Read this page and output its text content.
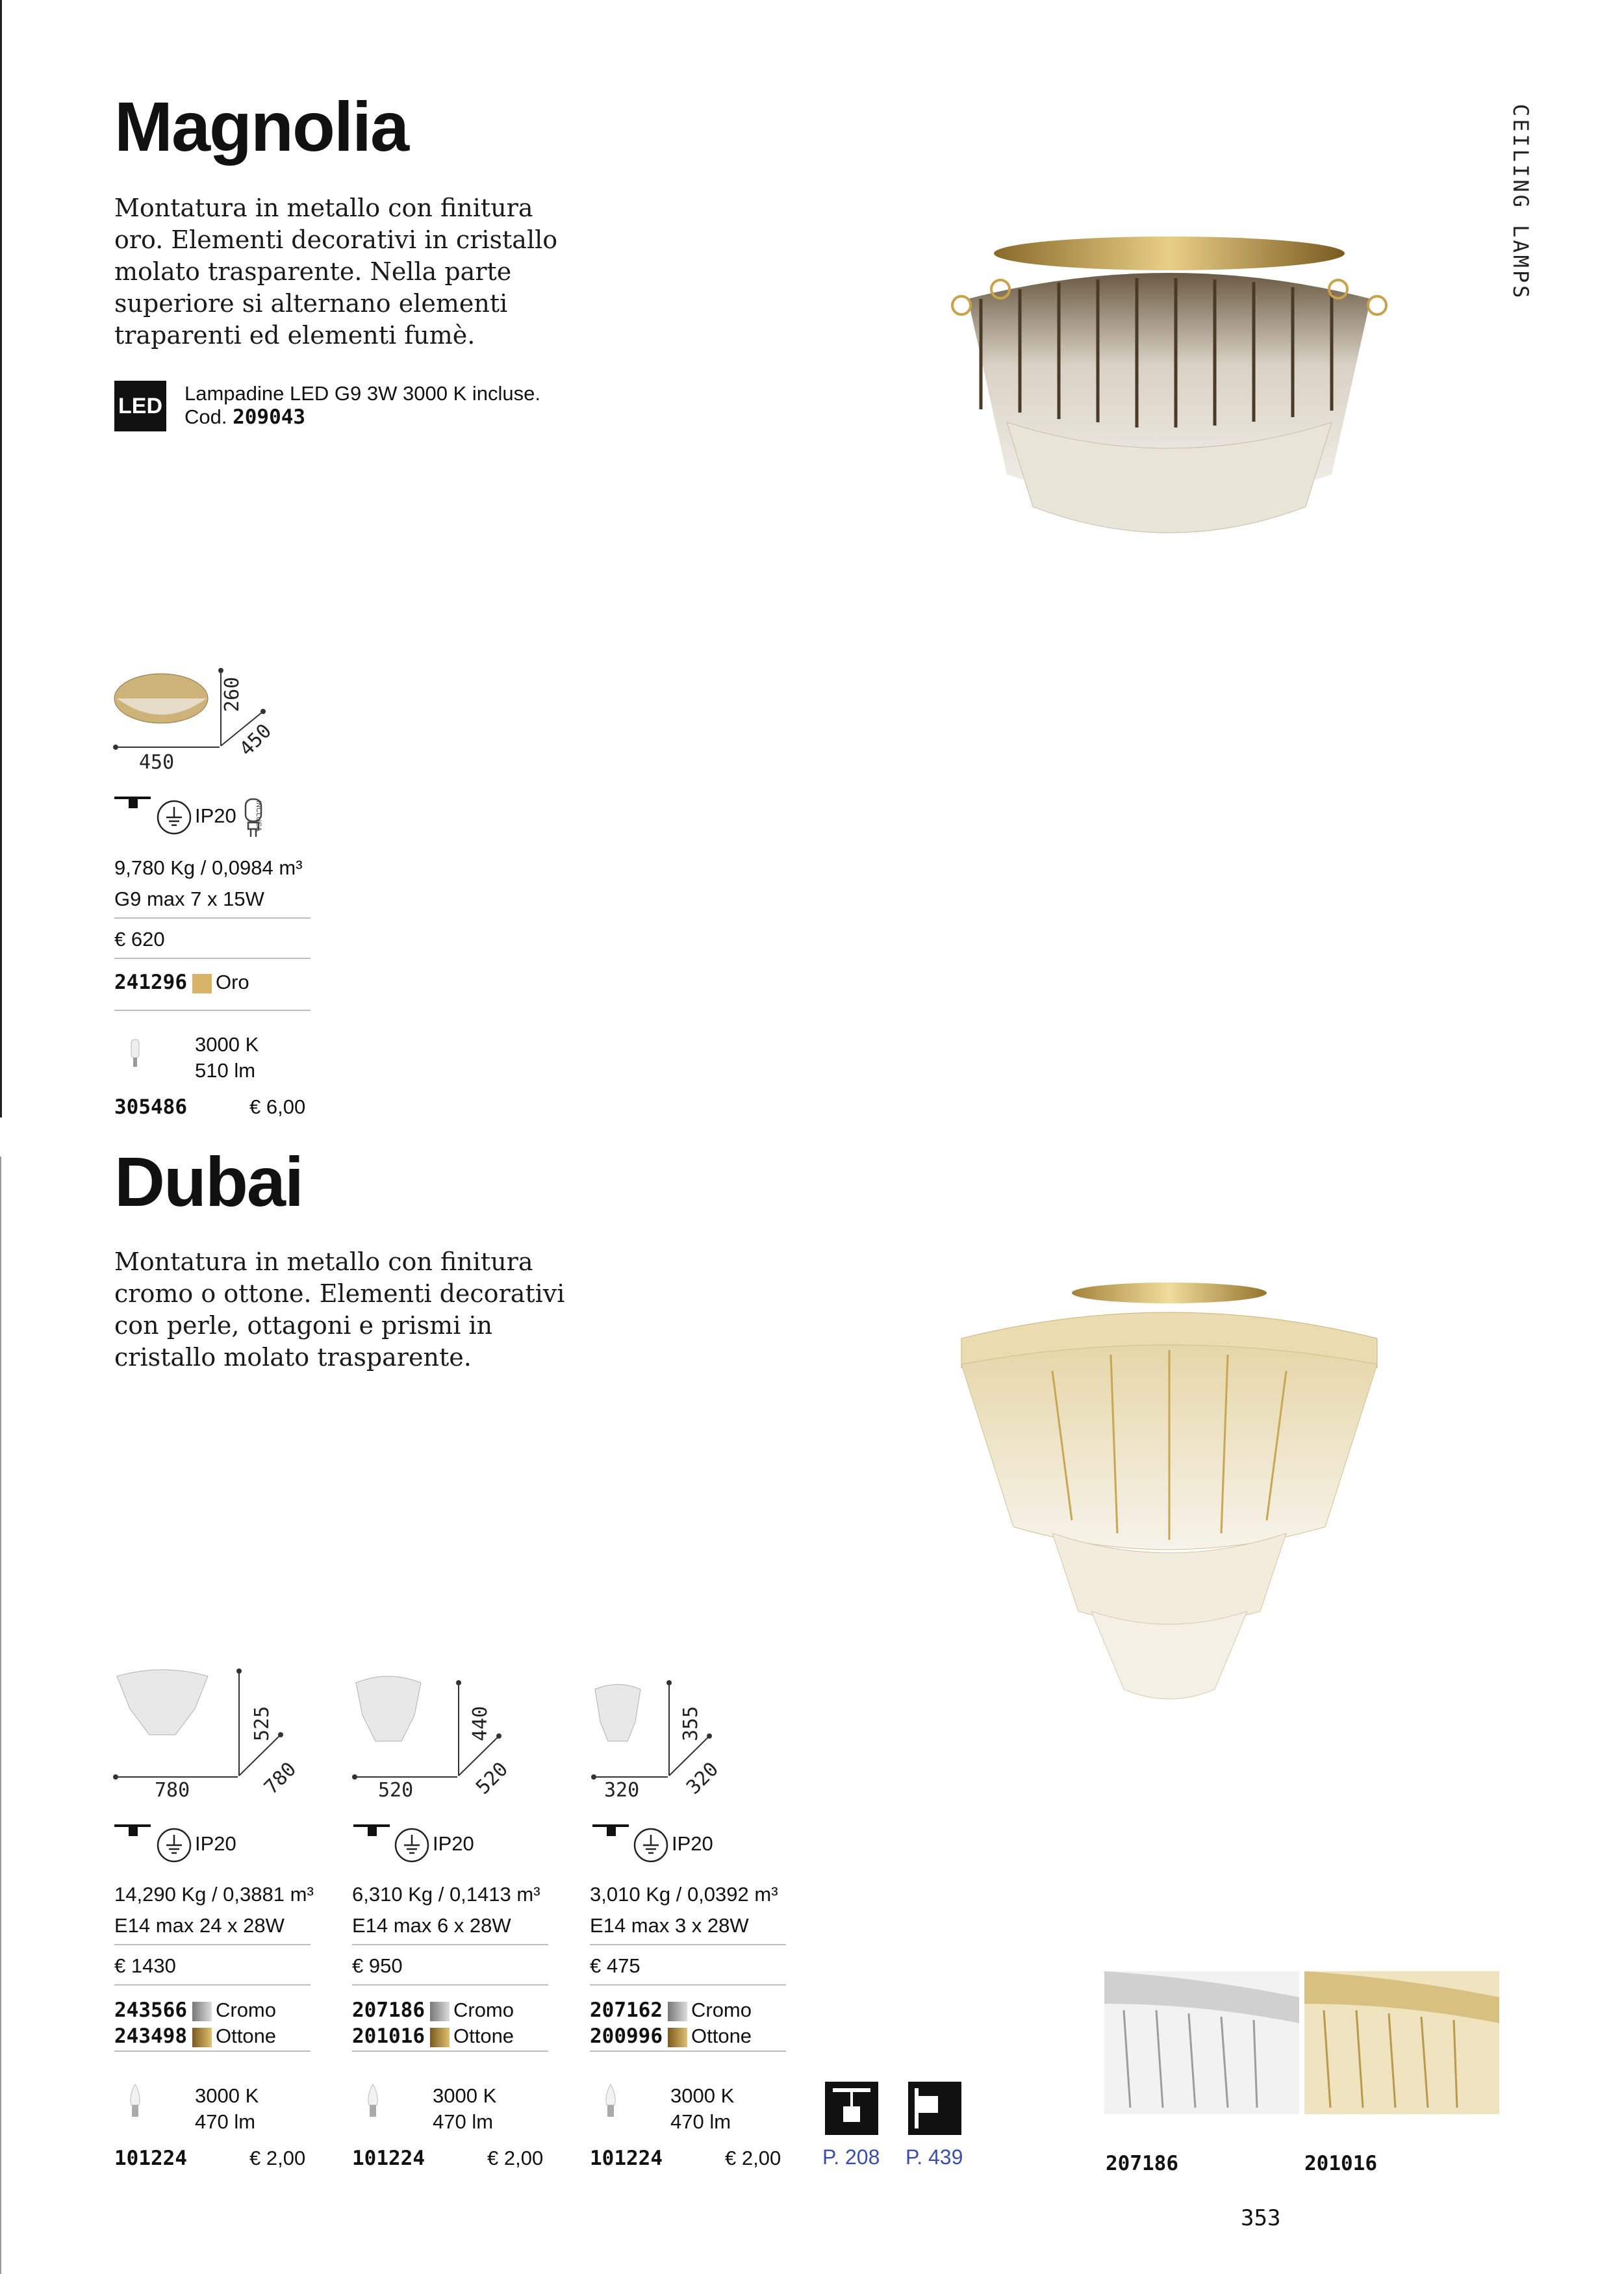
CEILING LAMPS
Magnolia
Montatura in metallo con finitura
oro. Elementi decorativi in cristallo
molato trasparente. Nella parte
superiore si alternano elementi
traparenti ed elementi fumè.
LED Lampadine LED G9 3W 3000 K incluse.
Cod. 209043
450
260
450
IP20	INCLUSA
9,780 Kg / 0,0984 m³
G9 max 7 x 15W
€ 620
241296 Oro
3000 K
510 lm
305486	€ 6,00
Dubai
Montatura in metallo con finitura
cromo o ottone. Elementi decorativi
con perle, ottagoni e prismi in
cristallo molato trasparente.
780
525
780	520
440
520	320
355
320
IP20	IP20	IP20
14,290 Kg / 0,3881 m³
E14 max 24 x 28W
€ 1430
243566 Cromo
243498 Ottone
6,310 Kg / 0,1413 m³
E14 max 6 x 28W
€ 950
207186 Cromo
201016 Ottone
3,010 Kg / 0,0392 m³
E14 max 3 x 28W
€ 475
207162 Cromo
200996 Ottone
3000 K
470 lm
101224	€ 2,00
3000 K
470 lm
101224	€ 2,00
3000 K
470 lm
101224	€ 2,00 P. 208 P. 439	207186	201016
353
